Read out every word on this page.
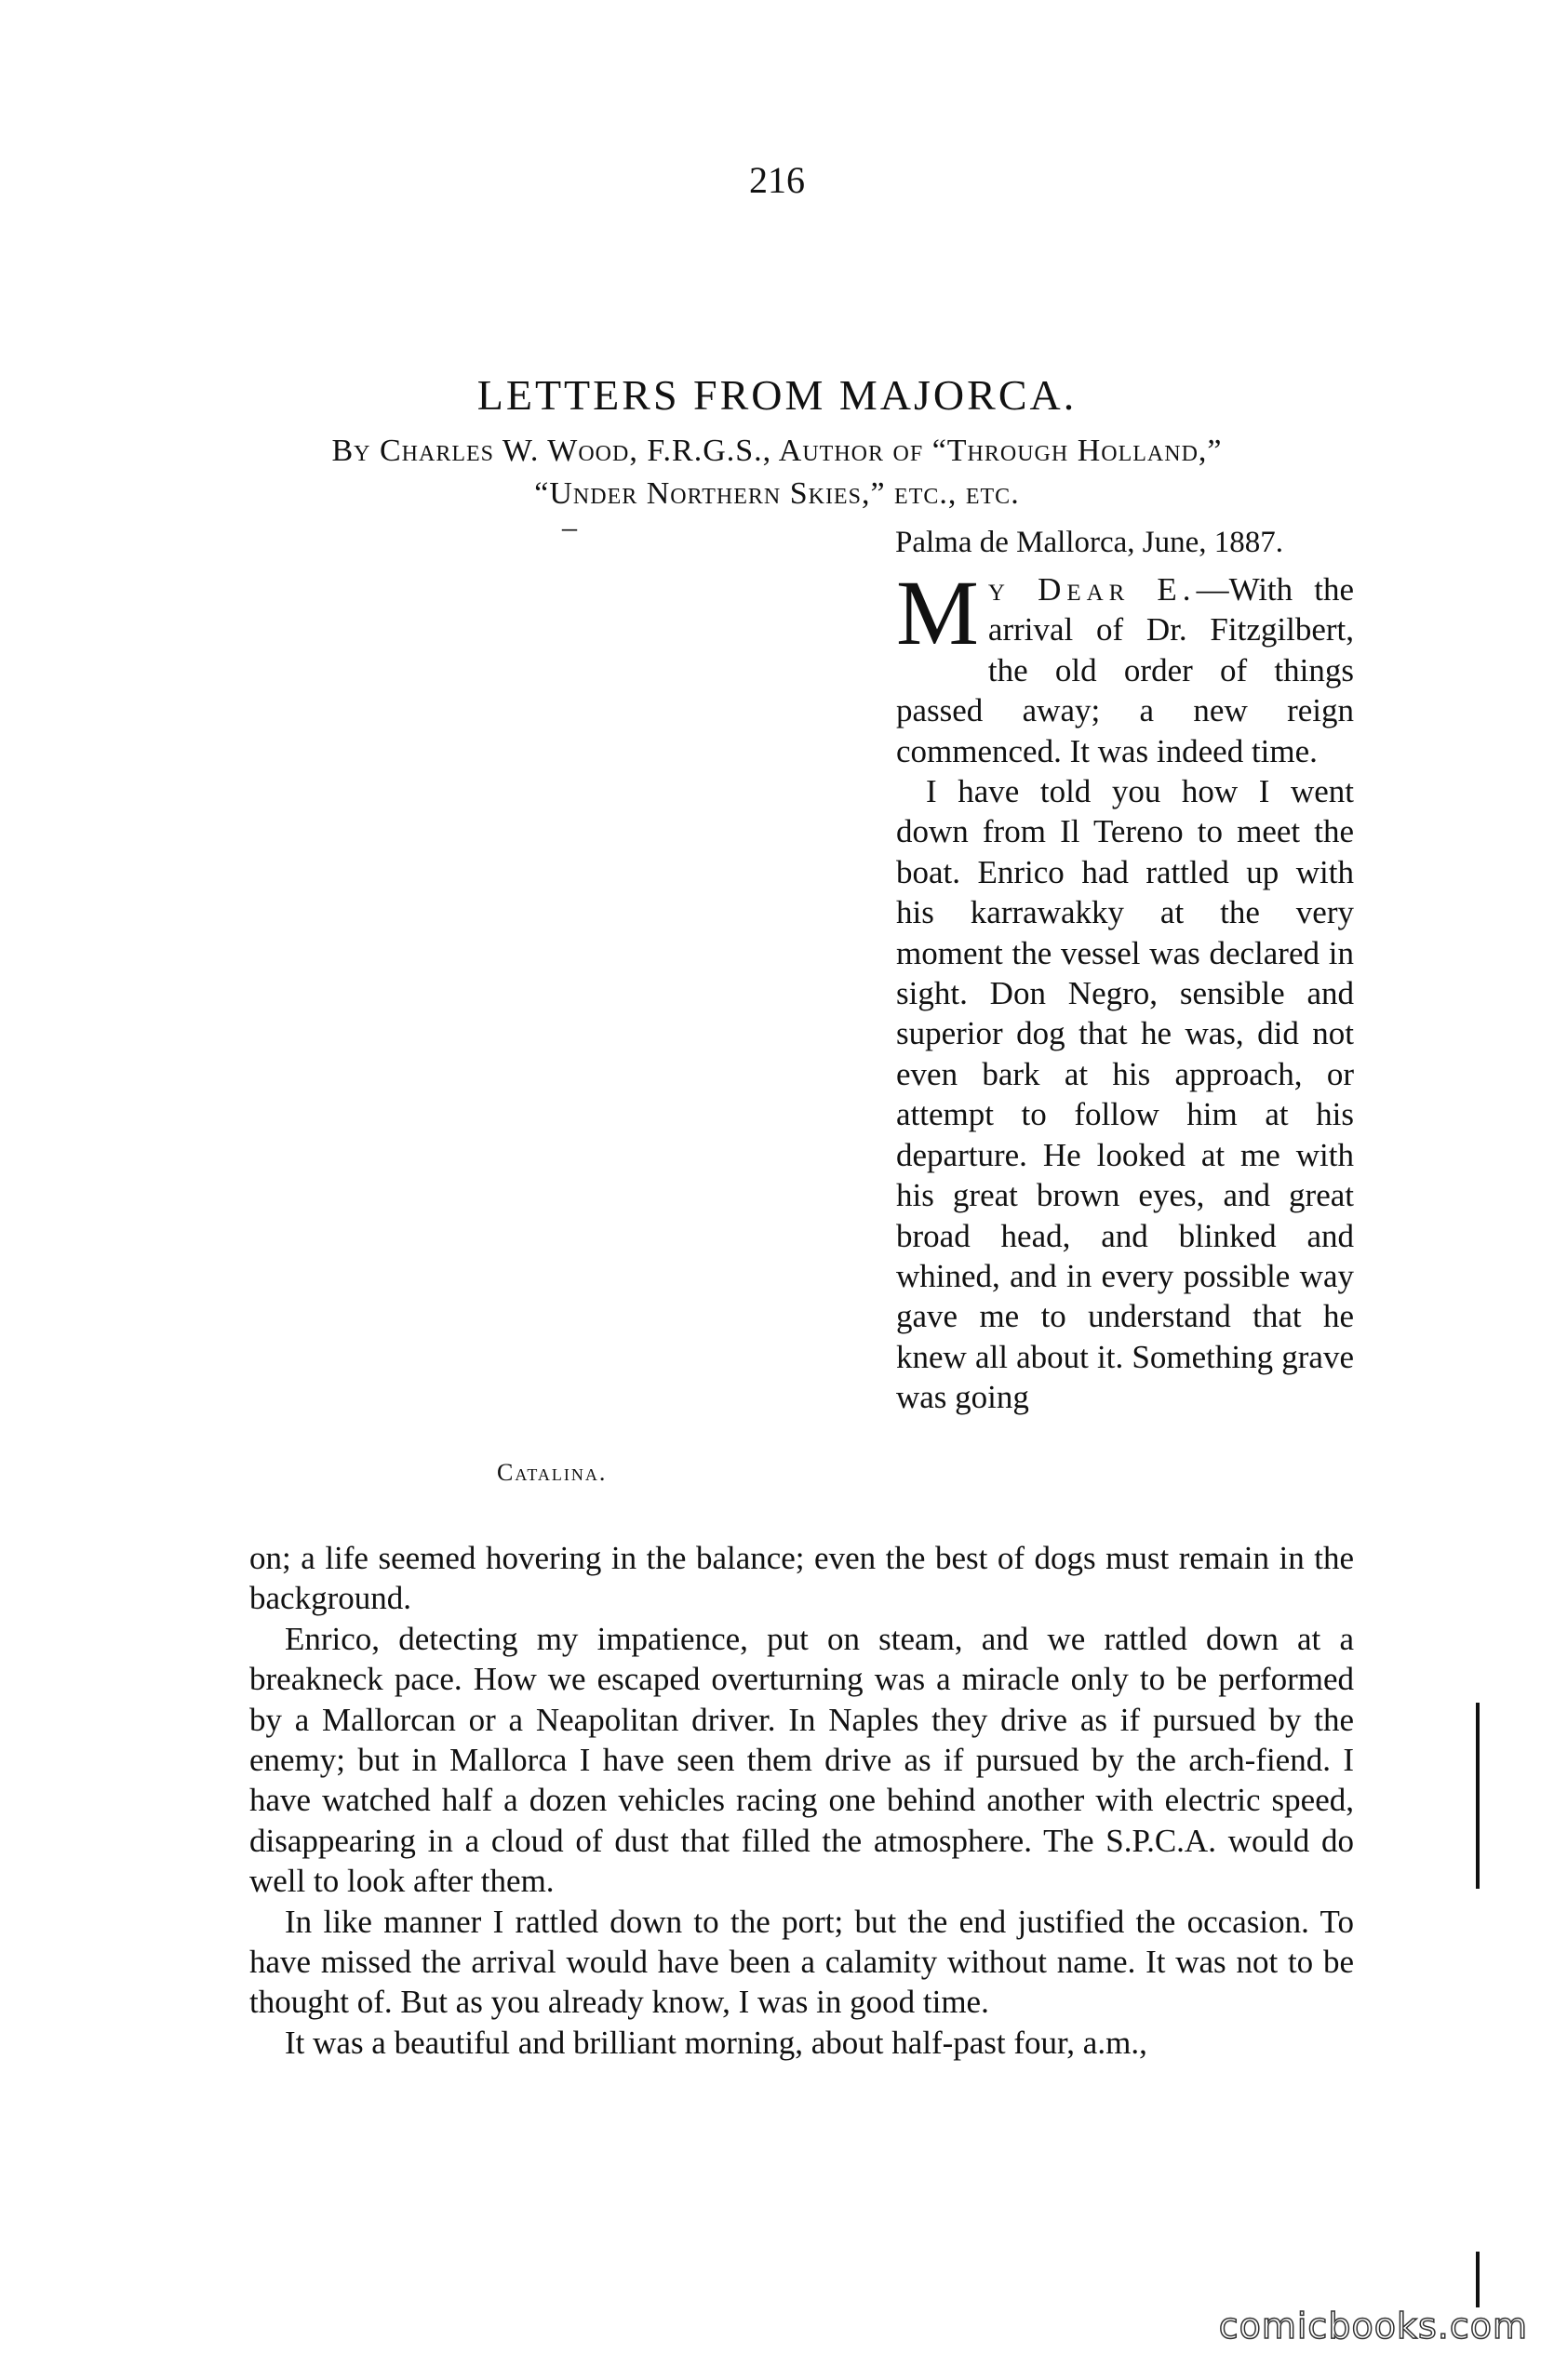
216
LETTERS FROM MAJORCA.
By Charles W. Wood, F.R.G.S., Author of “Through Holland,”
“Under Northern Skies,” etc., etc.
–
Catalina.
Palma de Mallorca, June, 1887.

M y Dear E.—With the arrival of Dr. Fitzgilbert, the old order of things passed away; a new reign commenced. It was indeed time.

I have told you how I went down from Il Tereno to meet the boat. Enrico had rattled up with his karrawakky at the very moment the vessel was declared in sight. Don Negro, sensible and superior dog that he was, did not even bark at his approach, or attempt to follow him at his departure. He looked at me with his great brown eyes, and great broad head, and blinked and whined, and in every possible way gave me to understand that he knew all about it. Something grave was going

on; a life seemed hovering in the balance; even the best of dogs must remain in the background.

Enrico, detecting my impatience, put on steam, and we rattled down at a breakneck pace. How we escaped overturning was a miracle only to be performed by a Mallorcan or a Neapolitan driver. In Naples they drive as if pursued by the enemy; but in Mallorca I have seen them drive as if pursued by the arch-fiend. I have watched half a dozen vehicles racing one behind another with electric speed, disappearing in a cloud of dust that filled the atmosphere. The S.P.C.A. would do well to look after them.

In like manner I rattled down to the port; but the end justified the occasion. To have missed the arrival would have been a calamity without name. It was not to be thought of. But as you already know, I was in good time.

It was a beautiful and brilliant morning, about half-past four, a.m.,

comicbooks.com
